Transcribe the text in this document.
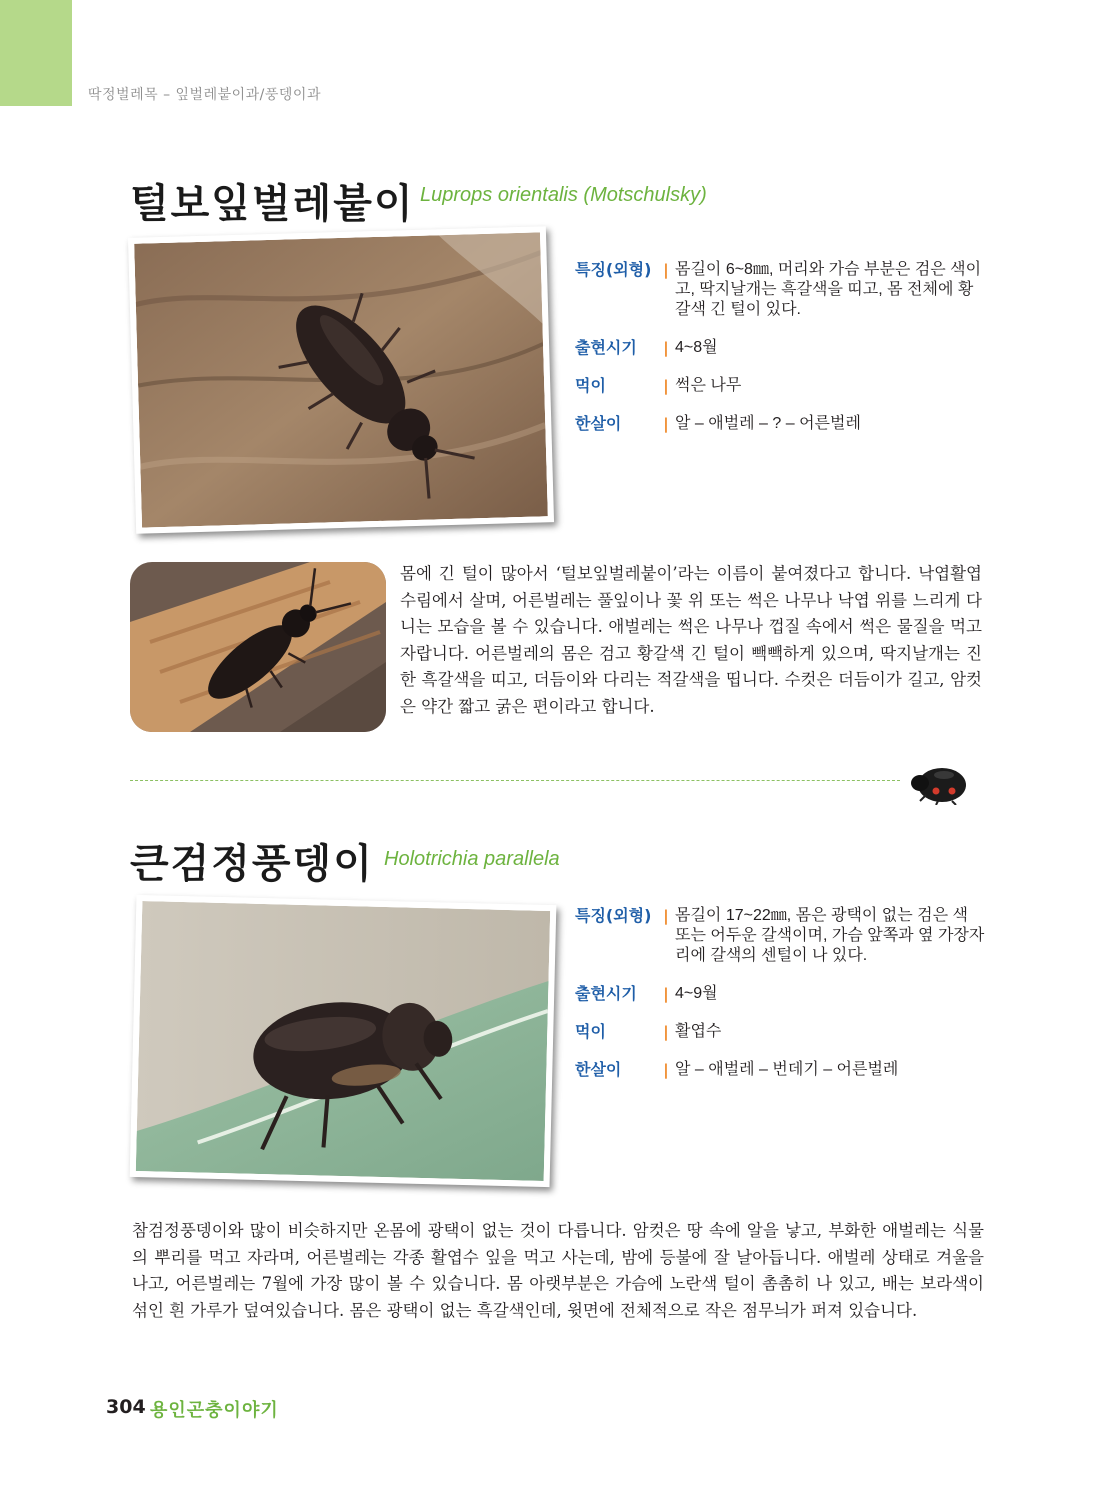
딱정벌레목 – 잎벌레붙이과/풍뎅이과
털보잎벌레붙이 Luprops orientalis (Motschulsky)
특징(외형) | 몸길이 6~8㎜, 머리와 가슴 부분은 검은 색이고, 딱지날개는 흑갈색을 띠고, 몸 전체에 황갈색 긴 털이 있다.
출현시기	| 4~8월
먹이	| 썩은 나무
한살이	| 알 – 애벌레 – ? – 어른벌레
몸에 긴 털이 많아서 ‘털보잎벌레붙이’라는 이름이 붙여졌다고 합니다. 낙엽활엽수림에서 살며, 어른벌레는 풀잎이나 꽃 위 또는 썩은 나무나 낙엽 위를 느리게 다니는 모습을 볼 수 있습니다. 애벌레는 썩은 나무나 껍질 속에서 썩은 물질을 먹고 자랍니다. 어른벌레의 몸은 검고 황갈색 긴 털이 빽빽하게 있으며, 딱지날개는 진한 흑갈색을 띠고, 더듬이와 다리는 적갈색을 띱니다. 수컷은 더듬이가 길고, 암컷은 약간 짧고 굵은 편이라고 합니다.
큰검정풍뎅이 Holotrichia parallela
특징(외형) | 몸길이 17~22㎜, 몸은 광택이 없는 검은 색 또는 어두운 갈색이며, 가슴 앞쪽과 옆 가장자리에 갈색의 센털이 나 있다.
출현시기	| 4~9월
먹이	| 활엽수
한살이	| 알 – 애벌레 – 번데기 – 어른벌레
참검정풍뎅이와 많이 비슷하지만 온몸에 광택이 없는 것이 다릅니다. 암컷은 땅 속에 알을 낳고, 부화한 애벌레는 식물의 뿌리를 먹고 자라며, 어른벌레는 각종 활엽수 잎을 먹고 사는데, 밤에 등불에 잘 날아듭니다. 애벌레 상태로 겨울을 나고, 어른벌레는 7월에 가장 많이 볼 수 있습니다. 몸 아랫부분은 가슴에 노란색 털이 촘촘히 나 있고, 배는 보라색이 섞인 흰 가루가 덮여있습니다. 몸은 광택이 없는 흑갈색인데, 윗면에 전체적으로 작은 점무늬가 퍼져 있습니다.
304 용인곤충이야기
